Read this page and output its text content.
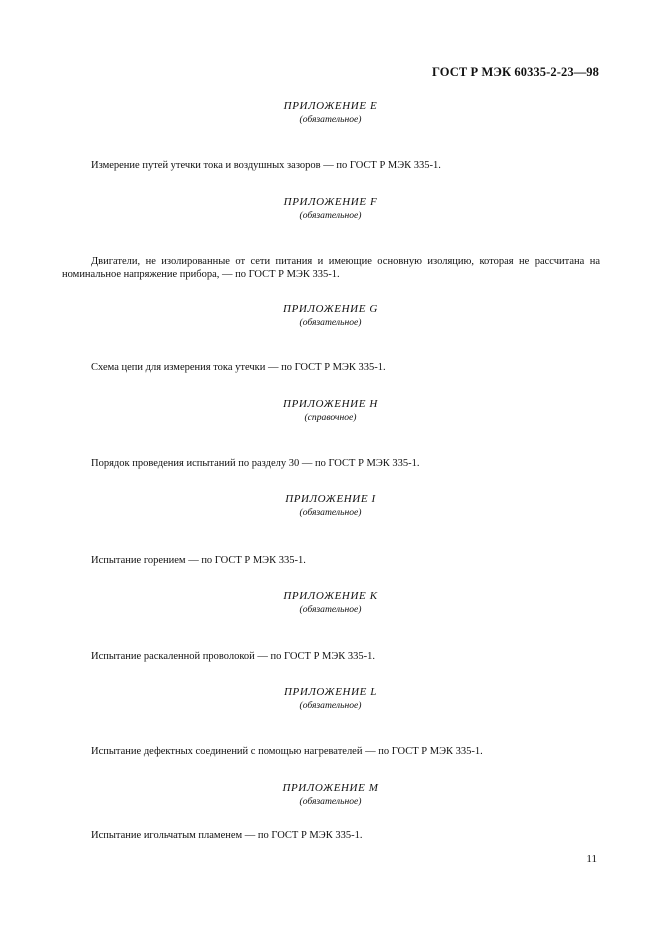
ГОСТ Р МЭК 60335-2-23—98
ПРИЛОЖЕНИЕ E
(обязательное)
Измерение путей утечки тока и воздушных зазоров — по ГОСТ Р МЭК 335-1.
ПРИЛОЖЕНИЕ F
(обязательное)
Двигатели, не изолированные от сети питания и имеющие основную изоляцию, которая не рассчитана на номинальное напряжение прибора, — по ГОСТ Р МЭК 335-1.
ПРИЛОЖЕНИЕ G
(обязательное)
Схема цепи для измерения тока утечки — по ГОСТ Р МЭК 335-1.
ПРИЛОЖЕНИЕ H
(справочное)
Порядок проведения испытаний по разделу 30 — по ГОСТ Р МЭК 335-1.
ПРИЛОЖЕНИЕ I
(обязательное)
Испытание горением — по ГОСТ Р МЭК 335-1.
ПРИЛОЖЕНИЕ K
(обязательное)
Испытание раскаленной проволокой — по ГОСТ Р МЭК 335-1.
ПРИЛОЖЕНИЕ L
(обязательное)
Испытание дефектных соединений с помощью нагревателей — по ГОСТ Р МЭК 335-1.
ПРИЛОЖЕНИЕ M
(обязательное)
Испытание игольчатым пламенем — по ГОСТ Р МЭК 335-1.
11
